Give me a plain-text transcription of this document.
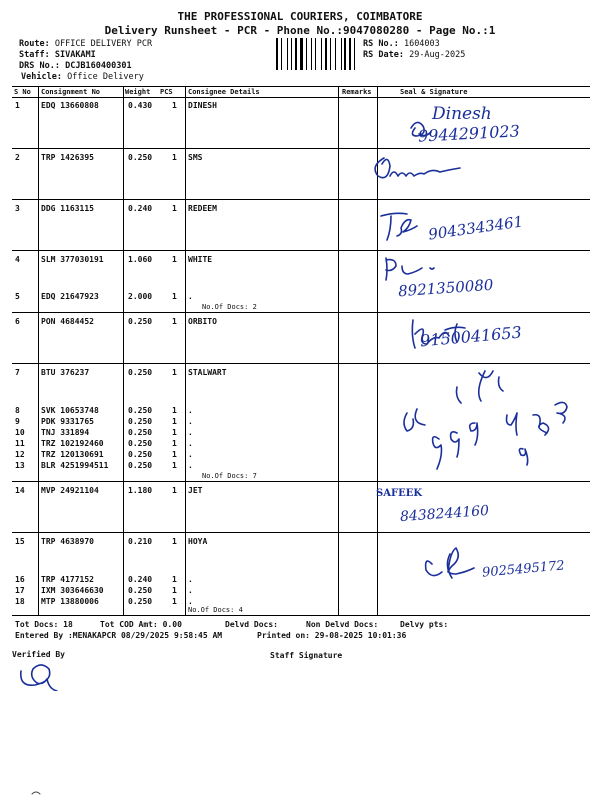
THE PROFESSIONAL COURIERS, COIMBATORE
Delivery Runsheet - PCR - Phone No.:9047080280 - Page No.:1
Route: OFFICE DELIVERY PCR
Staff: SIVAKAMI
DRS No.: DCJB160400301
Vehicle: Office Delivery
RS No.: 1604003
RS Date: 29-Aug-2025
S No Consignment No	Weight PCS Consignee Details	Remarks	Seal & Signature
1	EDQ 13660808	0.430 1 DINESH
2	TRP 1426395	0.250 1 SMS
3	DDG 1163115	0.240 1 REDEEM
4	SLM 377030191	1.060 1 WHITE
5	EDQ 21647923	2.000 1 .
No.Of Docs: 2
6	PON 4684452	0.250 1 ORBITO
7	BTU 376237	0.250 1 STALWART
8	SVK 10653748	0.250 1 .
9	PDK 9331765	0.250 1 .
10 TNJ 331894	0.250 1 .
11 TRZ 102192460	0.250 1 .
12 TRZ 120130691	0.250 1 .
13 BLR 4251994511 0.250 1 .
No.Of Docs: 7
14 MVP 24921104	1.180 1 JET
15 TRP 4638970	0.210 1 HOYA
16 TRP 4177152	0.240 1 .
17 IXM 303646630	0.250 1 .
18 MTP 13880006	0.250 1 .
No.Of Docs: 4
Dinesh
9944291023
9043343461
8921350080
9150041653
SAFEEK
8438244160
9025495172
Tot Docs: 18	Tot COD Amt: 0.00	Delvd Docs:	Non Delvd Docs:	Delvy pts:
Entered By :MENAKAPCR 08/29/2025 9:58:45 AM	Printed on: 29-08-2025 10:01:36
Verified By	Staff Signature
